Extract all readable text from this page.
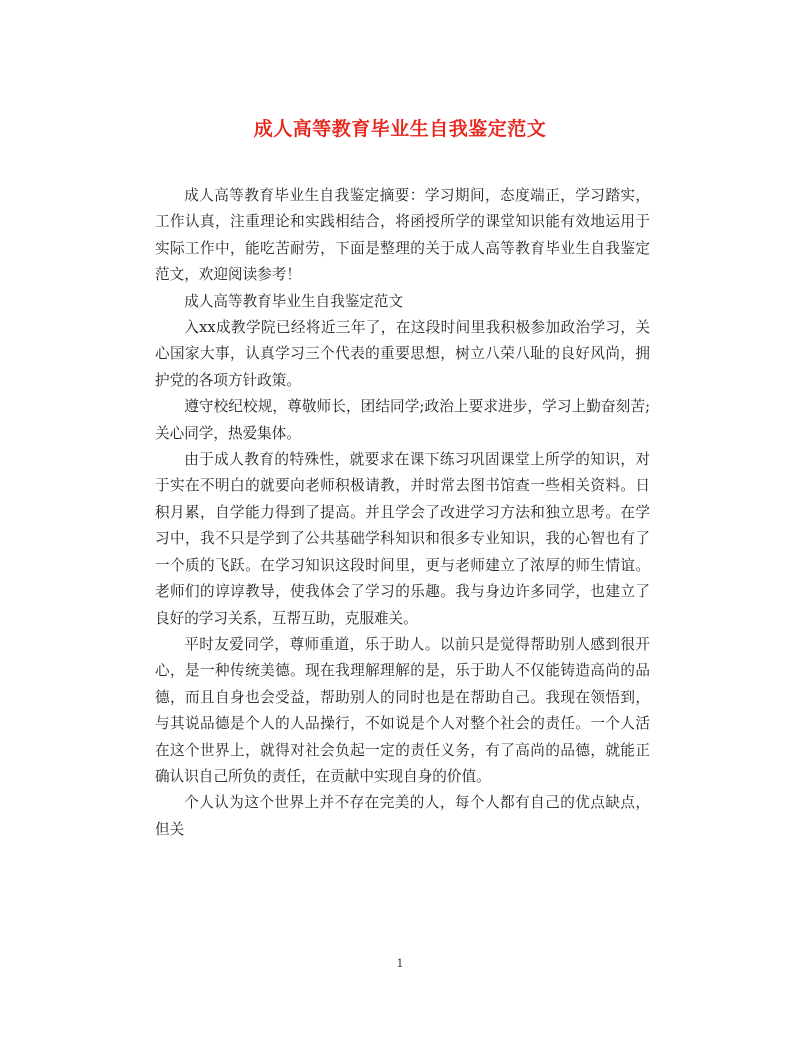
成人高等教育毕业生自我鉴定范文

成人高等教育毕业生自我鉴定摘要：学习期间，态度端正，学习踏实，工作认真，注重理论和实践相结合，将函授所学的课堂知识能有效地运用于实际工作中，能吃苦耐劳，下面是整理的关于成人高等教育毕业生自我鉴定范文，欢迎阅读参考！

成人高等教育毕业生自我鉴定范文

入xx成教学院已经将近三年了，在这段时间里我积极参加政治学习，关心国家大事，认真学习三个代表的重要思想，树立八荣八耻的良好风尚，拥护党的各项方针政策。

遵守校纪校规，尊敬师长，团结同学;政治上要求进步，学习上勤奋刻苦;关心同学，热爱集体。

由于成人教育的特殊性，就要求在课下练习巩固课堂上所学的知识，对于实在不明白的就要向老师积极请教，并时常去图书馆查一些相关资料。日积月累，自学能力得到了提高。并且学会了改进学习方法和独立思考。在学习中，我不只是学到了公共基础学科知识和很多专业知识，我的心智也有了一个质的飞跃。在学习知识这段时间里，更与老师建立了浓厚的师生情谊。老师们的谆谆教导，使我体会了学习的乐趣。我与身边许多同学，也建立了良好的学习关系，互帮互助，克服难关。

平时友爱同学，尊师重道，乐于助人。以前只是觉得帮助别人感到很开心，是一种传统美德。现在我理解理解的是，乐于助人不仅能铸造高尚的品德，而且自身也会受益，帮助别人的同时也是在帮助自己。我现在领悟到，与其说品德是个人的人品操行，不如说是个人对整个社会的责任。一个人活在这个世界上，就得对社会负起一定的责任义务，有了高尚的品德，就能正确认识自己所负的责任，在贡献中实现自身的价值。

个人认为这个世界上并不存在完美的人，每个人都有自己的优点缺点，但关

1
